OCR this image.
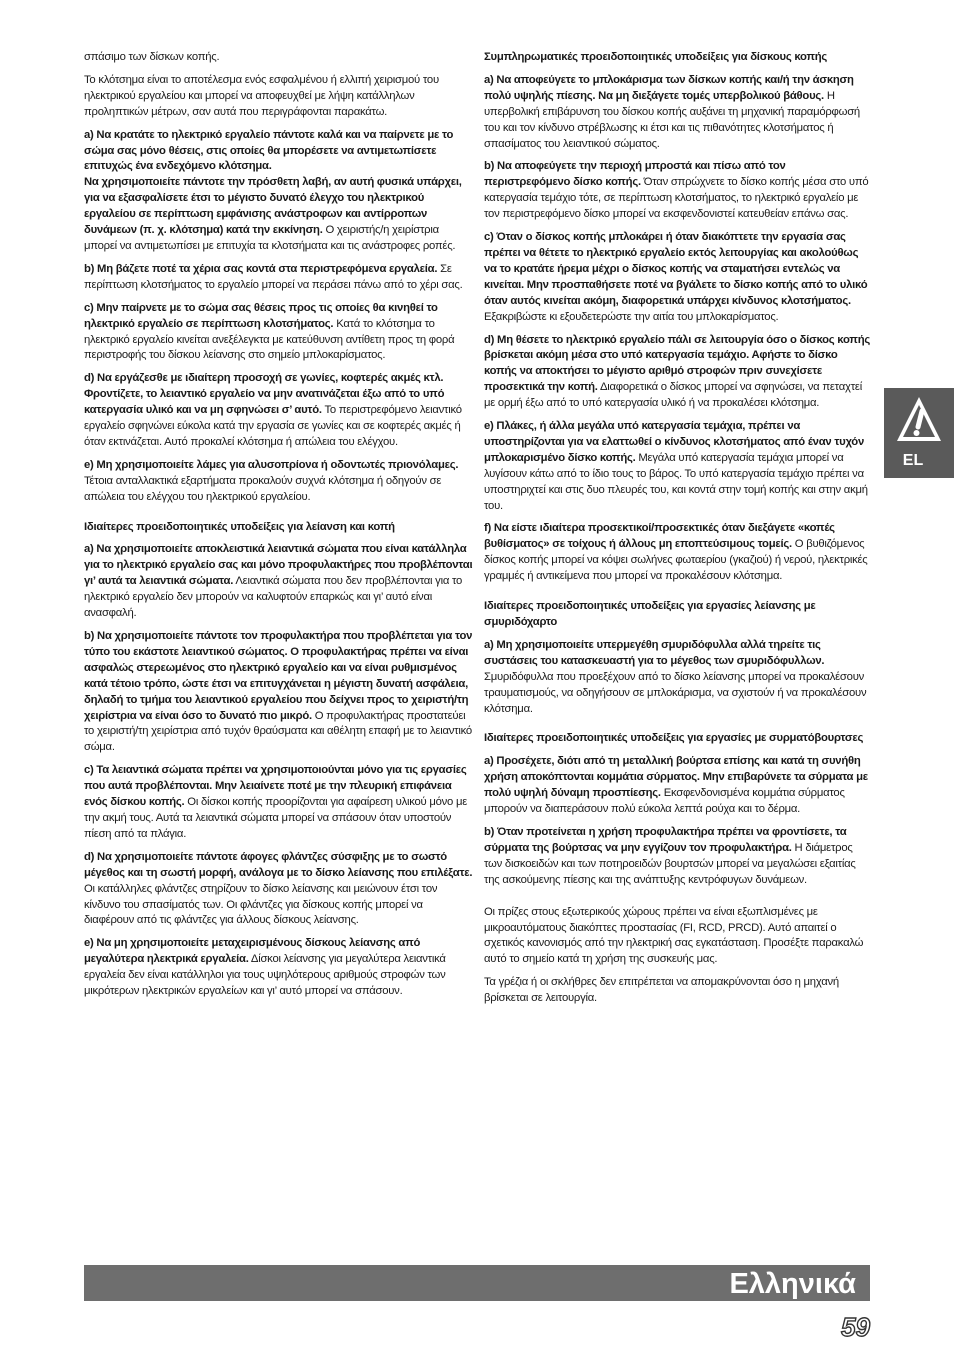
σπάσιμο των δίσκων κοπής.

Το κλότσημα είναι το αποτέλεσμα ενός εσφαλμένου ή ελλιπή χειρισμού του ηλεκτρικού εργαλείου και μπορεί να αποφευχθεί με λήψη κατάλληλων προληπτικών μέτρων, σαν αυτά που περιγράφονται παρακάτω.

a) Να κρατάτε το ηλεκτρικό εργαλείο πάντοτε καλά και να παίρνετε με το σώμα σας μόνο θέσεις, στις οποίες θα μπορέσετε να αντιμετωπίσετε επιτυχώς ένα ενδεχόμενο κλότσημα.
Να χρησιμοποιείτε πάντοτε την πρόσθετη λαβή, αν αυτή φυσικά υπάρχει, για να εξασφαλίσετε έτσι το μέγιστο δυνατό έλεγχο του ηλεκτρικού εργαλείου σε περίπτωση εμφάνισης ανάστροφων και αντίρροπων δυνάμεων (π. χ. κλότσημα) κατά την εκκίνηση. Ο χειριστής/η χειρίστρια μπορεί να αντιμετωπίσει με επιτυχία τα κλοτσήματα και τις ανάστροφες ροπές.

b) Μη βάζετε ποτέ τα χέρια σας κοντά στα περιστρεφόμενα εργαλεία. Σε περίπτωση κλοτσήματος το εργαλείο μπορεί να περάσει πάνω από το χέρι σας.

c) Μην παίρνετε με το σώμα σας θέσεις προς τις οποίες θα κινηθεί το ηλεκτρικό εργαλείο σε περίπτωση κλοτσήματος. Κατά το κλότσημα το ηλεκτρικό εργαλείο κινείται ανεξέλεγκτα με κατεύθυνση αντίθετη προς τη φορά περιστροφής του δίσκου λείανσης στο σημείο μπλοκαρίσματος.

d) Να εργάζεσθε με ιδιαίτερη προσοχή σε γωνίες, κοφτερές ακμές κτλ. Φροντίζετε, το λειαντικό εργαλείο να μην ανατινάζεται έξω από το υπό κατεργασία υλικό και να μη σφηνώσει σ’ αυτό. Το περιστρεφόμενο λειαντικό εργαλείο σφηνώνει εύκολα κατά την εργασία σε γωνίες και σε κοφτερές ακμές ή όταν εκτινάζεται. Αυτό προκαλεί κλότσημα ή απώλεια του ελέγχου.

e) Μη χρησιμοποιείτε λάμες για αλυσοπρίονα ή οδοντωτές πριονόλαμες. Τέτοια ανταλλακτικά εξαρτήματα προκαλούν συχνά κλότσημα ή οδηγούν σε απώλεια του ελέγχου του ηλεκτρικού εργαλείου.

Ιδιαίτερες προειδοποιητικές υποδείξεις για λείανση και κοπή

a) Να χρησιμοποιείτε αποκλειστικά λειαντικά σώματα που είναι κατάλληλα για το ηλεκτρικό εργαλείο σας και μόνο προφυλακτήρες που προβλέπονται γι’ αυτά τα λειαντικά σώματα. Λειαντικά σώματα που δεν προβλέπονται για το ηλεκτρικό εργαλείο δεν μπορούν να καλυφτούν επαρκώς και γι’ αυτό είναι ανασφαλή.

b) Να χρησιμοποιείτε πάντοτε τον προφυλακτήρα που προβλέπεται για τον τύπο του εκάστοτε λειαντικού σώματος. Ο προφυλακτήρας πρέπει να είναι ασφαλώς στερεωμένος στο ηλεκτρικό εργαλείο και να είναι ρυθμισμένος κατά τέτοιο τρόπο, ώστε έτσι να επιτυγχάνεται η μέγιστη δυνατή ασφάλεια, δηλαδή το τμήμα του λειαντικού εργαλείου που δείχνει προς το χειριστή/τη χειρίστρια να είναι όσο το δυνατό πιο μικρό. Ο προφυλακτήρας προστατεύει το χειριστή/τη χειρίστρια από τυχόν θραύσματα και αθέλητη επαφή με το λειαντικό σώμα.

c) Τα λειαντικά σώματα πρέπει να χρησιμοποιούνται μόνο για τις εργασίες που αυτά προβλέπονται. Μην λειαίνετε ποτέ με την πλευρική επιφάνεια ενός δίσκου κοπής. Οι δίσκοι κοπής προορίζονται για αφαίρεση υλικού μόνο με την ακμή τους. Αυτά τα λειαντικά σώματα μπορεί να σπάσουν όταν υποστούν πίεση από τα πλάγια.

d) Να χρησιμοποιείτε πάντοτε άφογες φλάντζες σύσφιξης με το σωστό μέγεθος και τη σωστή μορφή, ανάλογα με το δίσκο λείανσης που επιλέξατε. Οι κατάλληλες φλάντζες στηρίζουν το δίσκο λείανσης και μειώνουν έτσι τον κίνδυνο του σπασίματός των. Οι φλάντζες για δίσκους κοπής μπορεί να διαφέρουν από τις φλάντζες για άλλους δίσκους λείανσης.

e) Να μη χρησιμοποιείτε μεταχειρισμένους δίσκους λείανσης από μεγαλύτερα ηλεκτρικά εργαλεία. Δίσκοι λείανσης για μεγαλύτερα λειαντικά εργαλεία δεν είναι κατάλληλοι για τους υψηλότερους αριθμούς στροφών των μικρότερων ηλεκτρικών εργαλείων και γι’ αυτό μπορεί να σπάσουν.

Συμπληρωματικές προειδοποιητικές υποδείξεις για δίσκους κοπής

a) Να αποφεύγετε το μπλοκάρισμα των δίσκων κοπής και/ή την άσκηση πολύ υψηλής πίεσης. Να μη διεξάγετε τομές υπερβολικού βάθους. Η υπερβολική επιβάρυνση του δίσκου κοπής αυξάνει τη μηχανική παραμόρφωσή του και τον κίνδυνο στρέβλωσης κι έτσι και τις πιθανότητες κλοτσήματος ή σπασίματος του λειαντικού σώματος.

b) Να αποφεύγετε την περιοχή μπροστά και πίσω από τον περιστρεφόμενο δίσκο κοπής. Όταν σπρώχνετε το δίσκο κοπής μέσα στο υπό κατεργασία τεμάχιο τότε, σε περίπτωση κλοτσήματος, το ηλεκτρικό εργαλείο με τον περιστρεφόμενο δίσκο μπορεί να εκσφενδονιστεί κατευθείαν επάνω σας.

c) Όταν ο δίσκος κοπής μπλοκάρει ή όταν διακόπτετε την εργασία σας πρέπει να θέτετε το ηλεκτρικό εργαλείο εκτός λειτουργίας και ακολούθως να το κρατάτε ήρεμα μέχρι ο δίσκος κοπής να σταματήσει εντελώς να κινείται. Μην προσπαθήσετε ποτέ να βγάλετε το δίσκο κοπής από το υλικό όταν αυτός κινείται ακόμη, διαφορετικά υπάρχει κίνδυνος κλοτσήματος. Εξακριβώστε κι εξουδετερώστε την αιτία του μπλοκαρίσματος.

d) Μη θέσετε το ηλεκτρικό εργαλείο πάλι σε λειτουργία όσο ο δίσκος κοπής βρίσκεται ακόμη μέσα στο υπό κατεργασία τεμάχιο. Αφήστε το δίσκο κοπής να αποκτήσει το μέγιστο αριθμό στροφών πριν συνεχίσετε προσεκτικά την κοπή. Διαφορετικά ο δίσκος μπορεί να σφηνώσει, να πεταχτεί με ορμή έξω από το υπό κατεργασία υλικό ή να προκαλέσει κλότσημα.

e) Πλάκες, ή άλλα μεγάλα υπό κατεργασία τεμάχια, πρέπει να υποστηρίζονται για να ελαττωθεί ο κίνδυνος κλοτσήματος από έναν τυχόν μπλοκαρισμένο δίσκο κοπής. Μεγάλα υπό κατεργασία τεμάχια μπορεί να λυγίσουν κάτω από το ίδιο τους το βάρος. Το υπό κατεργασία τεμάχιο πρέπει να υποστηριχτεί και στις δυο πλευρές του, και κοντά στην τομή κοπής και στην ακμή του.

f) Να είστε ιδιαίτερα προσεκτικοί/προσεκτικές όταν διεξάγετε «κοπές βυθίσματος» σε τοίχους ή άλλους μη εποπτεύσιμους τομείς. Ο βυθιζόμενος δίσκος κοπής μπορεί να κόψει σωλήνες φωταερίου (γκαζιού) ή νερού, ηλεκτρικές γραμμές ή αντικείμενα που μπορεί να προκαλέσουν κλότσημα.

Ιδιαίτερες προειδοποιητικές υποδείξεις για εργασίες λείανσης με σμυριδόχαρτο

a) Μη χρησιμοποιείτε υπερμεγέθη σμυριδόφυλλα αλλά τηρείτε τις συστάσεις του κατασκευαστή για το μέγεθος των σμυριδόφυλλων. Σμυριδόφυλλα που προεξέχουν από το δίσκο λείανσης μπορεί να προκαλέσουν τραυματισμούς, να οδηγήσουν σε μπλοκάρισμα, να σχιστούν ή να προκαλέσουν κλότσημα.

Ιδιαίτερες προειδοποιητικές υποδείξεις για εργασίες με συρματόβουρτσες

a) Προσέχετε, διότι από τη μεταλλική βούρτσα επίσης και κατά τη συνήθη χρήση αποκόπτονται κομμάτια σύρματος. Μην επιβαρύνετε τα σύρματα με πολύ υψηλή δύναμη προσπίεσης. Εκσφενδονισμένα κομμάτια σύρματος μπορούν να διαπεράσουν πολύ εύκολα λεπτά ρούχα και το δέρμα.

b) Όταν προτείνεται η χρήση προφυλακτήρα πρέπει να φροντίσετε, τα σύρματα της βούρτσας να μην εγγίζουν τον προφυλακτήρα. Η διάμετρος των δισκοειδών και των ποτηροειδών βουρτσών μπορεί να μεγαλώσει εξαιτίας της ασκούμενης πίεσης και της ανάπτυξης κεντρόφυγων δυνάμεων.

Οι πρίζες στους εξωτερικούς χώρους πρέπει να είναι εξωπλισμένες με μικροαυτόματους διακόπτες προστασίας (FI, RCD, PRCD). Αυτό απαιτεί ο σχετικός κανονισμός από την ηλεκτρική σας εγκατάσταση. Προσέξτε παρακαλώ αυτό το σημείο κατά τη χρήση της συσκευής μας.

Τα γρέζια ή οι σκλήθρες δεν επιτρέπεται να απομακρύνονται όσο η μηχανή βρίσκεται σε λειτουργία.

EL
Ελληνικά
59
